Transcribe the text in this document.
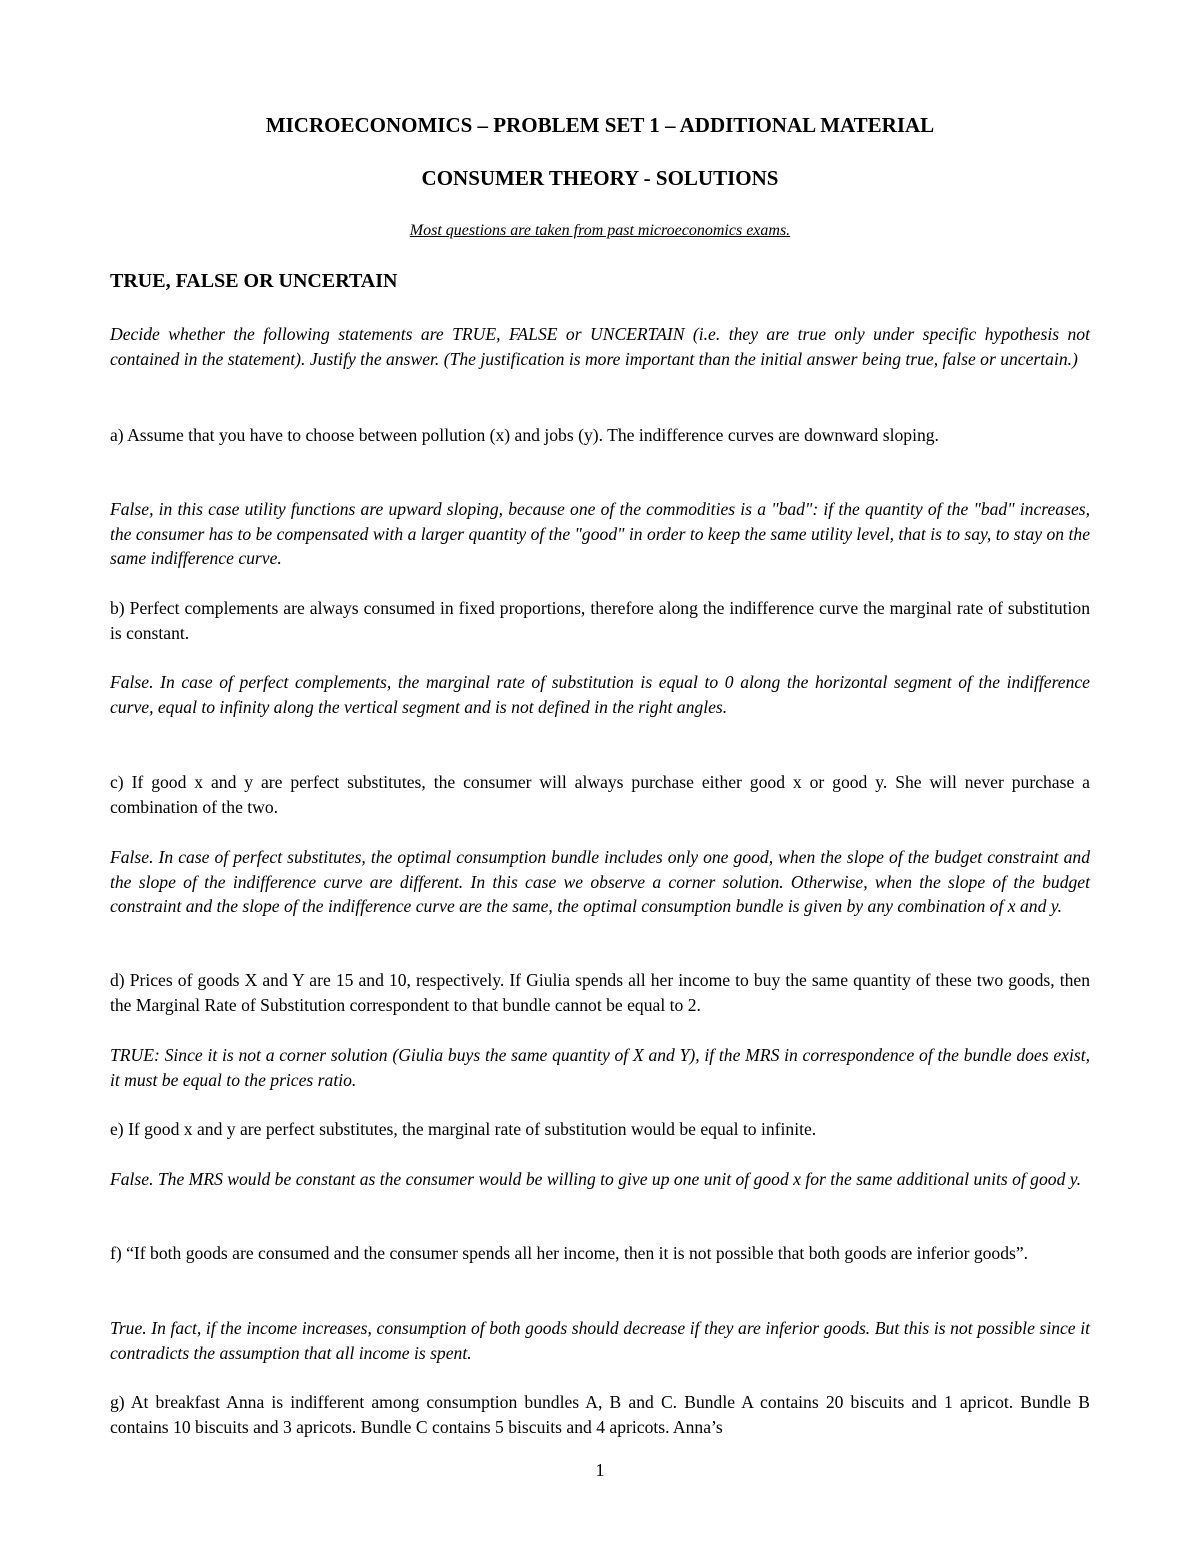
MICROECONOMICS – PROBLEM SET 1 – ADDITIONAL MATERIAL
CONSUMER THEORY - SOLUTIONS
Most questions are taken from past microeconomics exams.
TRUE, FALSE OR UNCERTAIN
Decide whether the following statements are TRUE, FALSE or UNCERTAIN (i.e. they are true only under specific hypothesis not contained in the statement). Justify the answer. (The justification is more important than the initial answer being true, false or uncertain.)
a) Assume that you have to choose between pollution (x) and jobs (y). The indifference curves are downward sloping.
False, in this case utility functions are upward sloping, because one of the commodities is a "bad": if the quantity of the "bad" increases, the consumer has to be compensated with a larger quantity of the "good" in order to keep the same utility level, that is to say, to stay on the same indifference curve.
b) Perfect complements are always consumed in fixed proportions, therefore along the indifference curve the marginal rate of substitution is constant.
False. In case of perfect complements, the marginal rate of substitution is equal to 0 along the horizontal segment of the indifference curve, equal to infinity along the vertical segment and is not defined in the right angles.
c) If good x and y are perfect substitutes, the consumer will always purchase either good x or good y. She will never purchase a combination of the two.
False. In case of perfect substitutes, the optimal consumption bundle includes only one good, when the slope of the budget constraint and the slope of the indifference curve are different. In this case we observe a corner solution. Otherwise, when the slope of the budget constraint and the slope of the indifference curve are the same, the optimal consumption bundle is given by any combination of x and y.
d) Prices of goods X and Y are 15 and 10, respectively. If Giulia spends all her income to buy the same quantity of these two goods, then the Marginal Rate of Substitution correspondent to that bundle cannot be equal to 2.
TRUE: Since it is not a corner solution (Giulia buys the same quantity of X and Y), if the MRS in correspondence of the bundle does exist, it must be equal to the prices ratio.
e) If good x and y are perfect substitutes, the marginal rate of substitution would be equal to infinite.
False. The MRS would be constant as the consumer would be willing to give up one unit of good x for the same additional units of good y.
f) “If both goods are consumed and the consumer spends all her income, then it is not possible that both goods are inferior goods”.
True. In fact, if the income increases, consumption of both goods should decrease if they are inferior goods. But this is not possible since it contradicts the assumption that all income is spent.
g) At breakfast Anna is indifferent among consumption bundles A, B and C. Bundle A contains 20 biscuits and 1 apricot. Bundle B contains 10 biscuits and 3 apricots. Bundle C contains 5 biscuits and 4 apricots. Anna’s
1
